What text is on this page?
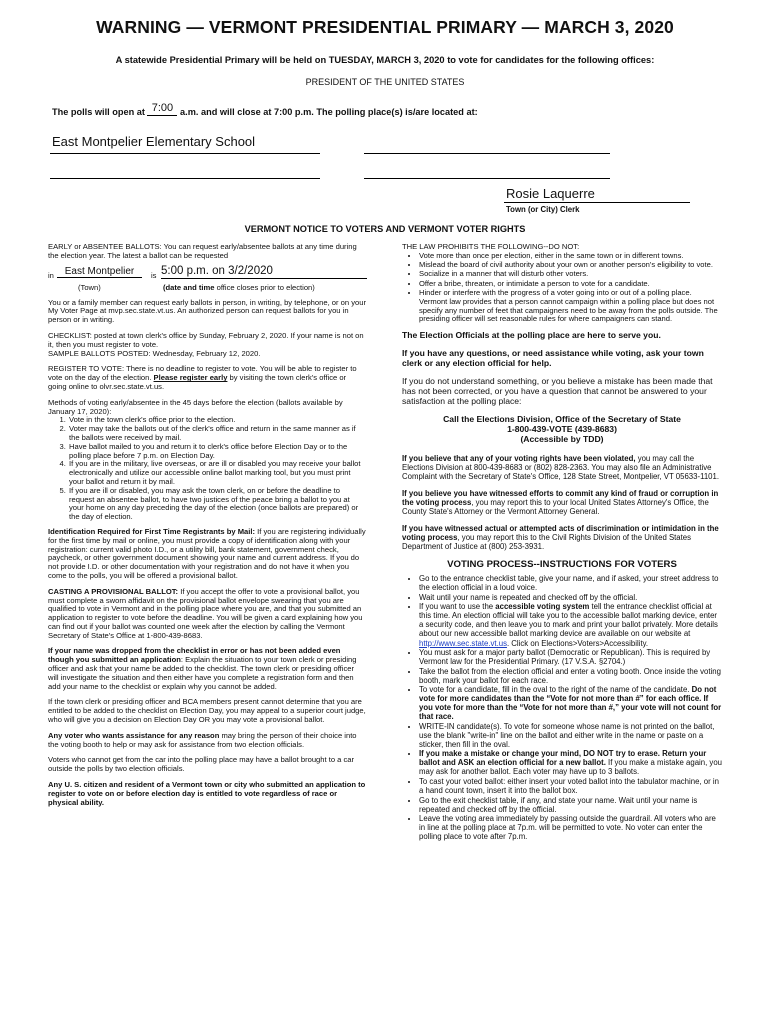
WARNING — VERMONT PRESIDENTIAL PRIMARY — MARCH 3, 2020
A statewide Presidential Primary will be held on TUESDAY, MARCH 3, 2020 to vote for candidates for the following offices:
PRESIDENT OF THE UNITED STATES
The polls will open at 7:00 a.m. and will close at 7:00 p.m. The polling place(s) is/are located at:
East Montpelier Elementary School
Rosie Laquerre
Town (or City) Clerk
VERMONT NOTICE TO VOTERS AND VERMONT VOTER RIGHTS

EARLY or ABSENTEE BALLOTS: You can request early/absentee ballots at any time during the election year. The latest a ballot can be requested

in	East Montpelier	is 5:00 p.m. on 3/2/2020
(Town)	(date and time office closes prior to election)

You or a family member can request early ballots in person, in writing, by telephone, or on your My Voter Page at mvp.sec.state.vt.us. An authorized person can request ballots for you in person or in writing.

CHECKLIST: posted at town clerk's office by Sunday, February 2, 2020. If your name is not on it, then you must register to vote.
SAMPLE BALLOTS POSTED: Wednesday, February 12, 2020.

REGISTER TO VOTE: There is no deadline to register to vote. You will be able to register to vote on the day of the election. Please register early by visiting the town clerk's office or going online to olvr.sec.state.vt.us.

Methods of voting early/absentee in the 45 days before the election (ballots available by January 17, 2020):

1. Vote in the town clerk's office prior to the election.
2. Voter may take the ballots out of the clerk's office and return in the same manner as if the ballots were received by mail.
3. Have ballot mailed to you and return it to clerk's office before Election Day or to the polling place before 7 p.m. on Election Day.
4. If you are in the military, live overseas, or are ill or disabled you may receive your ballot electronically and utilize our accessible online ballot marking tool, but you must print your ballot and return it by mail.
5. If you are ill or disabled, you may ask the town clerk, on or before the deadline to request an absentee ballot, to have two justices of the peace bring a ballot to you at your home on any day preceding the day of the election (once ballots are prepared) or the day of election.

Identification Required for First Time Registrants by Mail: If you are registering individually for the first time by mail or online, you must provide a copy of identification along with your registration: current valid photo I.D., or a utility bill, bank statement, government check, paycheck, or other government document showing your name and current address. If you do not provide I.D. or other documentation with your registration and do not have it when you come to the polls, you will be offered a provisional ballot.

CASTING A PROVISIONAL BALLOT: If you accept the offer to vote a provisional ballot, you must complete a sworn affidavit on the provisional ballot envelope swearing that you are qualified to vote in Vermont and in the polling place where you are, and that you submitted an application to register to vote before the deadline. You will be given a card explaining how you can find out if your ballot was counted one week after the election by calling the Vermont Secretary of State's Office at 1-800-439-8683.

If your name was dropped from the checklist in error or has not been added even though you submitted an application: Explain the situation to your town clerk or presiding officer and ask that your name be added to the checklist. The town clerk or presiding officer will investigate the situation and then either have you complete a registration form and then add your name to the checklist or explain why you cannot be added.

If the town clerk or presiding officer and BCA members present cannot determine that you are entitled to be added to the checklist on Election Day, you may appeal to a superior court judge, who will give you a decision on Election Day OR you may vote a provisional ballot.

Any voter who wants assistance for any reason may bring the person of their choice into the voting booth to help or may ask for assistance from two election officials.

Voters who cannot get from the car into the polling place may have a ballot brought to a car outside the polls by two election officials.

Any U. S. citizen and resident of a Vermont town or city who submitted an application to register to vote on or before election day is entitled to vote regardless of race or physical ability.

THE LAW PROHIBITS THE FOLLOWING--DO NOT:
• Vote more than once per election, either in the same town or in different towns.
• Mislead the board of civil authority about your own or another person's eligibility to vote.
• Socialize in a manner that will disturb other voters.
• Offer a bribe, threaten, or intimidate a person to vote for a candidate.
• Hinder or interfere with the progress of a voter going into or out of a polling place. Vermont law provides that a person cannot campaign within a polling place but does not specify any number of feet that campaigners need to be away from the polls outside. The presiding officer will set reasonable rules for where campaigners can stand.

The Election Officials at the polling place are here to serve you.

If you have any questions, or need assistance while voting, ask your town clerk or any election official for help.

If you do not understand something, or you believe a mistake has been made that has not been corrected, or you have a question that cannot be answered to your satisfaction at the polling place:

Call the Elections Division, Office of the Secretary of State
1-800-439-VOTE (439-8683)
(Accessible by TDD)

If you believe that any of your voting rights have been violated, you may call the Elections Division at 800-439-8683 or (802) 828-2363. You may also file an Administrative Complaint with the Secretary of State's Office, 128 State Street, Montpelier, VT 05633-1101.

If you believe you have witnessed efforts to commit any kind of fraud or corruption in the voting process, you may report this to your local United States Attorney's Office, the County State's Attorney or the Vermont Attorney General.

If you have witnessed actual or attempted acts of discrimination or intimidation in the voting process, you may report this to the Civil Rights Division of the United States Department of Justice at (800) 253-3931.

VOTING PROCESS--INSTRUCTIONS FOR VOTERS
• Go to the entrance checklist table, give your name, and if asked, your street address to the election official in a loud voice.
• Wait until your name is repeated and checked off by the official.
• If you want to use the accessible voting system tell the entrance checklist official at this time. An election official will take you to the accessible ballot marking device, enter a security code, and then leave you to mark and print your ballot privately. More details about our new accessible ballot marking device are available on our website at http://www.sec.state.vt.us. Click on Elections>Voters>Accessibility.
• You must ask for a major party ballot (Democratic or Republican). This is required by Vermont law for the Presidential Primary. (17 V.S.A. §2704.)
• Take the ballot from the election official and enter a voting booth. Once inside the voting booth, mark your ballot for each race.
• To vote for a candidate, fill in the oval to the right of the name of the candidate. Do not vote for more candidates than the “Vote for not more than #” for each office. If you vote for more than the “Vote for not more than #,” your vote will not count for that race.
• WRITE-IN candidate(s). To vote for someone whose name is not printed on the ballot, use the blank "write-in" line on the ballot and either write in the name or paste on a sticker, then fill in the oval.
• If you make a mistake or change your mind, DO NOT try to erase. Return your ballot and ASK an election official for a new ballot. If you make a mistake again, you may ask for another ballot. Each voter may have up to 3 ballots.
• To cast your voted ballot: either insert your voted ballot into the tabulator machine, or in a hand count town, insert it into the ballot box.
• Go to the exit checklist table, if any, and state your name. Wait until your name is repeated and checked off by the official.
• Leave the voting area immediately by passing outside the guardrail. All voters who are in line at the polling place at 7p.m. will be permitted to vote. No voter can enter the polling place to vote after 7p.m.
